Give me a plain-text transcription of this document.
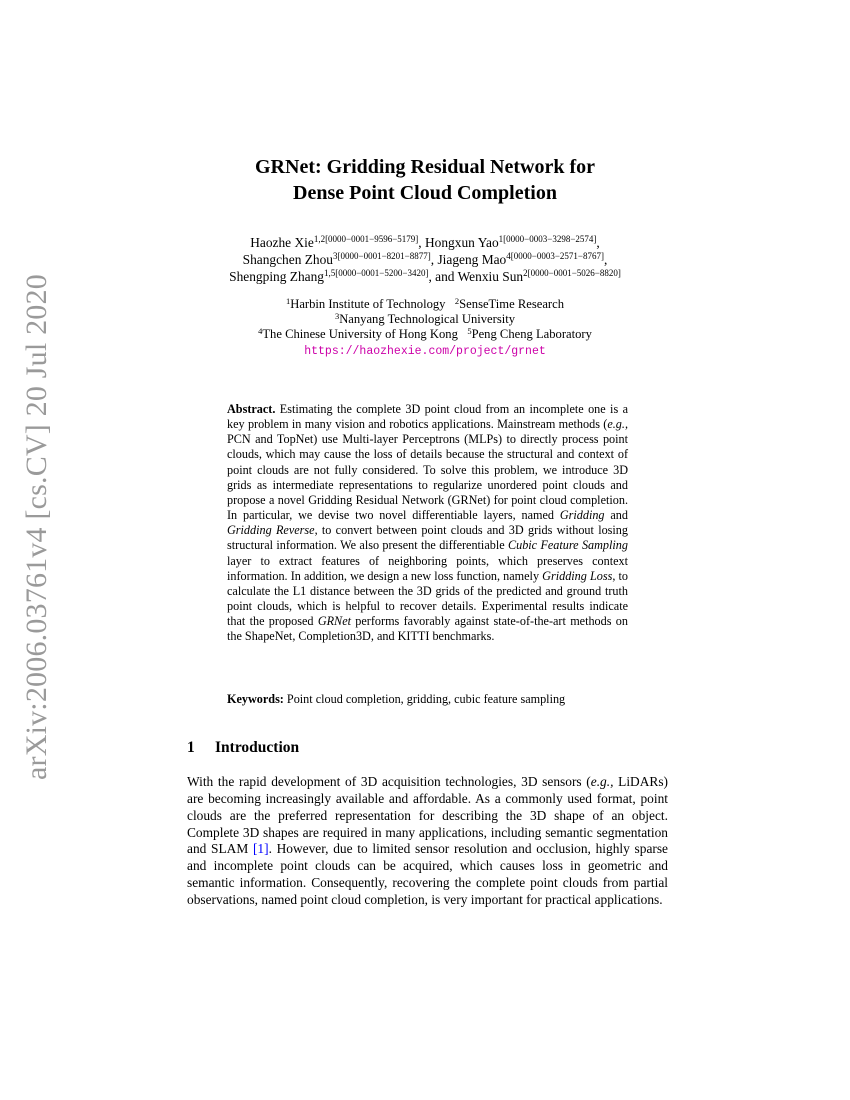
arXiv:2006.03761v4 [cs.CV] 20 Jul 2020
GRNet: Gridding Residual Network for
Dense Point Cloud Completion
Haozhe Xie$^{1,2[0000-0001-9596-5179]}$, Hongxun Yao$^{1[0000-0003-3298-2574]}$,
Shangchen Zhou$^{3[0000-0001-8201-8877]}$, Jiageng Mao$^{4[0000-0003-2571-8767]}$,
Shengping Zhang$^{1,5[0000-0001-5200-3420]}$, and Wenxiu Sun$^{2[0000-0001-5026-8820]}$
$^1$Harbin Institute of Technology $^2$SenseTime Research
$^3$Nanyang Technological University
$^4$The Chinese University of Hong Kong $^5$Peng Cheng Laboratory
https://haozhexie.com/project/grnet
Abstract. Estimating the complete 3D point cloud from an incomplete one is a key problem in many vision and robotics applications. Mainstream methods (e.g., PCN and TopNet) use Multi-layer Perceptrons (MLPs) to directly process point clouds, which may cause the loss of details because the structural and context of point clouds are not fully considered. To solve this problem, we introduce 3D grids as intermediate representations to regularize unordered point clouds and propose a novel Gridding Residual Network (GRNet) for point cloud completion. In particular, we devise two novel differentiable layers, named Gridding and Gridding Reverse, to convert between point clouds and 3D grids without losing structural information. We also present the differentiable Cubic Feature Sampling layer to extract features of neighboring points, which preserves context information. In addition, we design a new loss function, namely Gridding Loss, to calculate the L1 distance between the 3D grids of the predicted and ground truth point clouds, which is helpful to recover details. Experimental results indicate that the proposed GRNet performs favorably against state-of-the-art methods on the ShapeNet, Completion3D, and KITTI benchmarks.
Keywords: Point cloud completion, gridding, cubic feature sampling
1 Introduction
With the rapid development of 3D acquisition technologies, 3D sensors (e.g., LiDARs) are becoming increasingly available and affordable. As a commonly used format, point clouds are the preferred representation for describing the 3D shape of an object. Complete 3D shapes are required in many applications, including semantic segmentation and SLAM [1]. However, due to limited sensor resolution and occlusion, highly sparse and incomplete point clouds can be acquired, which causes loss in geometric and semantic information. Consequently, recovering the complete point clouds from partial observations, named point cloud completion, is very important for practical applications.
